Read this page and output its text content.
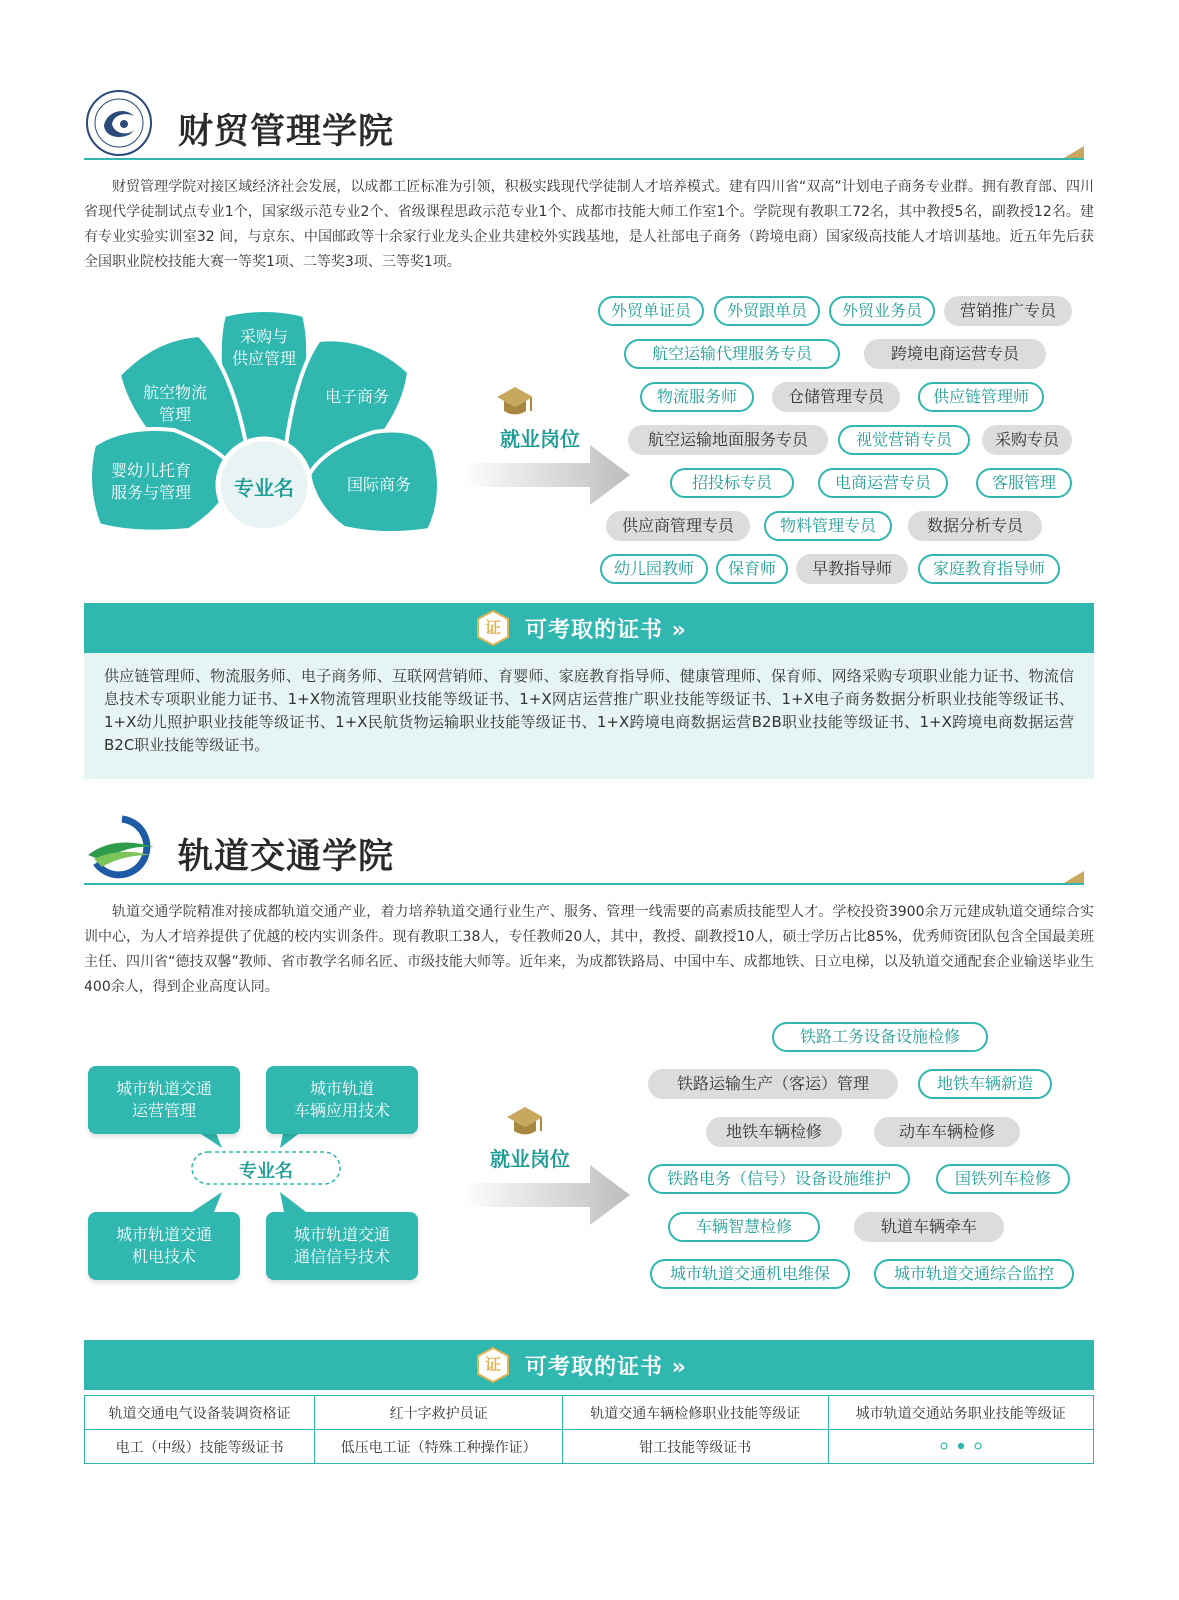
财贸管理学院

财贸管理学院对接区域经济社会发展，以成都工匠标准为引领，积极实践现代学徒制人才培养模式。建有四川省“双高”计划电子商务专业群。拥有教育部、四川省现代学徒制试点专业1个，国家级示范专业2个、省级课程思政示范专业1个、成都市技能大师工作室1个。学院现有教职工72名，其中教授5名，副教授12名。建有专业实验实训室32 间，与京东、中国邮政等十余家行业龙头企业共建校外实践基地，是人社部电子商务（跨境电商）国家级高技能人才培训基地。近五年先后获全国职业院校技能大赛一等奖1项、二等奖3项、三等奖1项。

采购与
供应管理
航空物流
管理
电子商务
婴幼儿托育
服务与管理	国际商务
专业名
就业岗位
外贸单证员	外贸跟单员	外贸业务员	营销推广专员
航空运输代理服务专员	跨境电商运营专员
物流服务师	仓储管理专员	供应链管理师
航空运输地面服务专员	视觉营销专员	采购专员
招投标专员	电商运营专员	客服管理
供应商管理专员	物料管理专员	数据分析专员
幼儿园教师	保育师	早教指导师	家庭教育指导师
证	可考取的证书 »
供应链管理师、物流服务师、电子商务师、互联网营销师、育婴师、家庭教育指导师、健康管理师、保育师、网络采购专项职业能力证书、物流信息技术专项职业能力证书、1+X物流管理职业技能等级证书、1+X网店运营推广职业技能等级证书、1+X电子商务数据分析职业技能等级证书、1+X幼儿照护职业技能等级证书、1+X民航货物运输职业技能等级证书、1+X跨境电商数据运营B2B职业技能等级证书、1+X跨境电商数据运营B2C职业技能等级证书。
轨道交通学院

轨道交通学院精准对接成都轨道交通产业，着力培养轨道交通行业生产、服务、管理一线需要的高素质技能型人才。学校投资3900余万元建成轨道交通综合实训中心，为人才培养提供了优越的校内实训条件。现有教职工38人，专任教师20人，其中，教授、副教授10人，硕士学历占比85%，优秀师资团队包含全国最美班主任、四川省“德技双馨”教师、省市教学名师名匠、市级技能大师等。近年来，为成都铁路局、中国中车、成都地铁、日立电梯，以及轨道交通配套企业输送毕业生400余人，得到企业高度认同。

城市轨道交通
运营管理
城市轨道
车辆应用技术
城市轨道交通
机电技术
城市轨道交通
通信信号技术
专业名
就业岗位
铁路工务设备设施检修
铁路运输生产（客运）管理	地铁车辆新造
地铁车辆检修	动车车辆检修
铁路电务（信号）设备设施维护	国铁列车检修
车辆智慧检修	轨道车辆牵车
城市轨道交通机电维保	城市轨道交通综合监控
证	可考取的证书 »
轨道交通电气设备装调资格证	红十字救护员证	轨道交通车辆检修职业技能等级证	城市轨道交通站务职业技能等级证
电工（中级）技能等级证书	低压电工证（特殊工种操作证）	钳工技能等级证书	
